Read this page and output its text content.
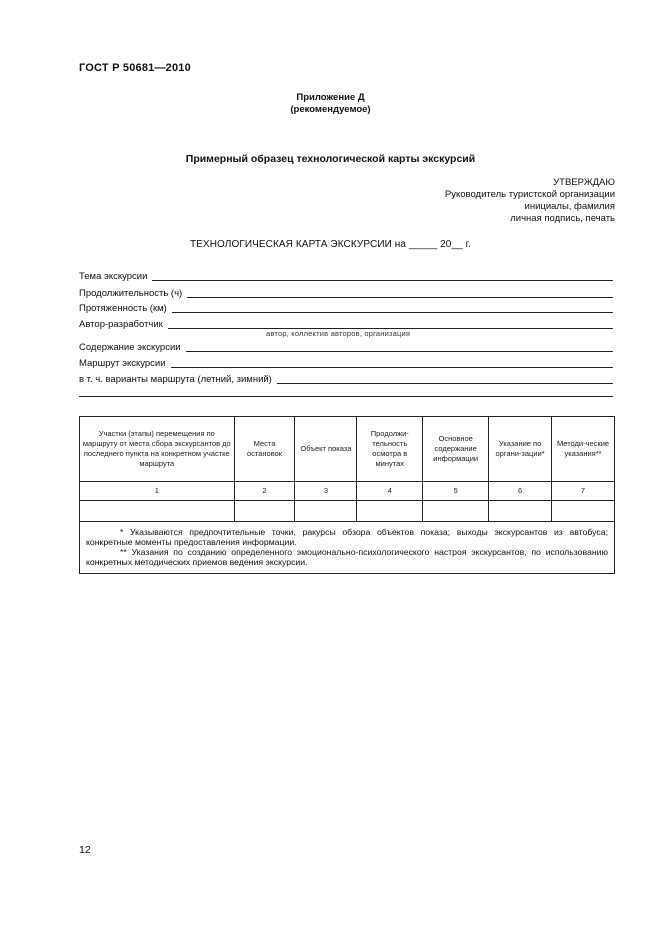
ГОСТ Р 50681—2010
Приложение Д
(рекомендуемое)
Примерный образец технологической карты экскурсий
УТВЕРЖДАЮ
Руководитель туристской организации
инициалы, фамилия
личная подпись, печать
ТЕХНОЛОГИЧЕСКАЯ КАРТА ЭКСКУРСИИ на _____ 20__ г.
Тема экскурсии
Продолжительность (ч)
Протяженность (км)
Автор-разработчик
автор, коллектив авторов, организация
Содержание экскурсии
Маршрут экскурсии
в т. ч. варианты маршрута (летний, зимний)
Участки (этапы) перемещения по маршруту от места сбора экскурсантов до последнего пункта на конкретном участке маршрута	Места остановок	Объект показа	Продолжи-тельность осмотра в минутах	Основное содержание информации	Указание по органи-зации*	Методи-ческие указания**
1	2	3	4	5	6	7

* Указываются предпочтительные точки, ракурсы обзора объектов показа; выходы экскурсантов из автобуса; конкретные моменты предоставления информации.
** Указания по созданию определенного эмоционально-психологического настроя экскурсантов, по использованию конкретных методических приемов ведения экскурсии.						
12
